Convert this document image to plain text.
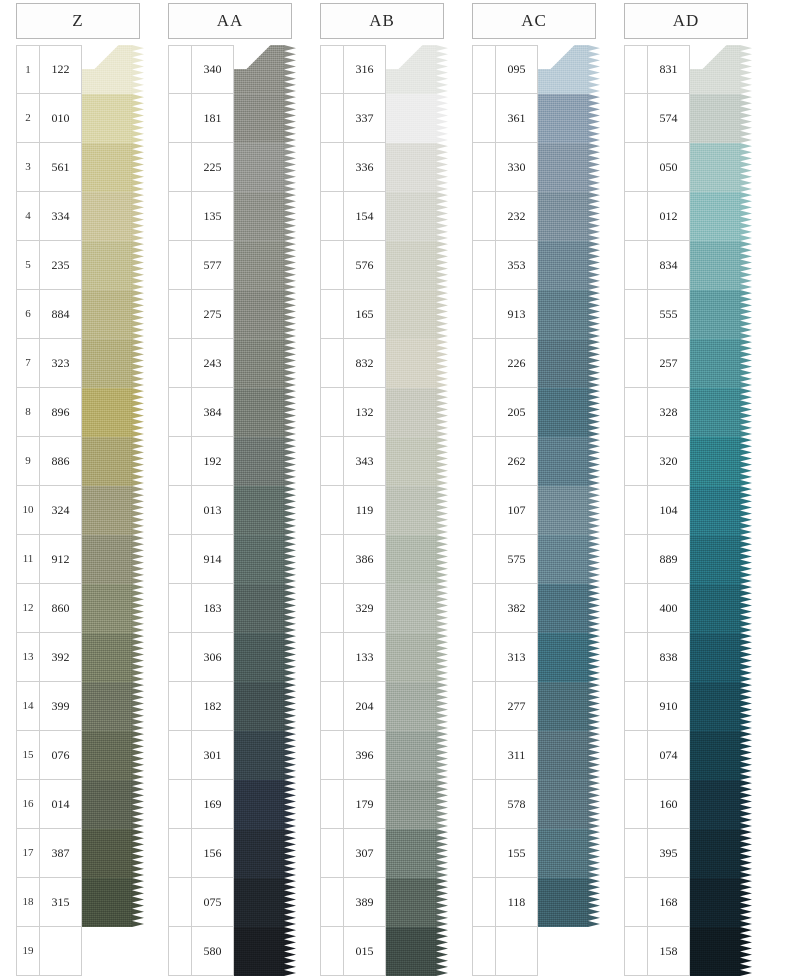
Z
1	122
2	010
3	561
4	334
5	235
6	884
7	323
8	896
9	886
10	324
11	912
12	860
13	392
14	399
15	076
16	014
17	387
18	315
19
AA
340
181
225
135
577
275
243
384
192
013
914
183
306
182
301
169
156
075
580
AB
316
337
336
154
576
165
832
132
343
119
386
329
133
204
396
179
307
389
015
AC
095
361
330
232
353
913
226
205
262
107
575
382
313
277
311
578
155
118
AD
831
574
050
012
834
555
257
328
320
104
889
400
838
910
074
160
395
168
158
